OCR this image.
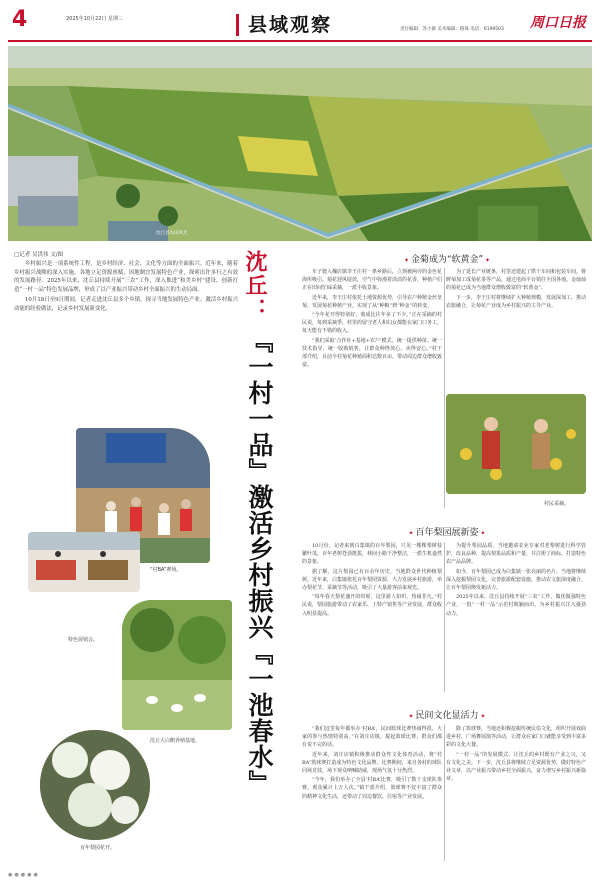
4	2025年10月22日 星期三	县域观察	责任编辑：苏小静 美术编辑：路珠 电话：6199503 周口日报
沈丘县农田风光
□记者 吴洪伟 文/图

乡村振兴是一项系统性工程，是乡村经济、社会、文化等方面的全面振兴。近年来，随着乡村振兴战略的深入实施，各地立足资源禀赋，因地制宜发展特色产业，探索出许多行之有效的发展路径。2025年以来，沈丘县持续开展“三农”工作，深入推进“和美乡村”建设，创新打造“一村一品”特色发展品牌，形成了以产业振兴带动乡村全面振兴的生动局面。

10月18日至9日期间，记者走进沈丘县多个乡镇，探寻当地发展特色产业、激活乡村振兴动能的经验做法，记录乡村发展新变化。	沈丘：
『一村一品』激活乡村振兴『一池春水』
“村BA”赛场。
特色展销会。
沈丘大白鹅养殖基地。
百年梨园花开。
✦ 金菊成为“软黄金” ✦

车子驶入槐店镇李王庄村一条乡路后，立刻被两旁的金色花海所吸引。菊花迎风绽放，空气中弥漫着淡淡的花香，种植户们正在田间忙碌采摘，一派丰收景象。

近年来，李王庄村依托土地资源优势，引导农户种植金丝皇菊，发展菊花种植产业，实现了从“种粮”到“种金”的转变。

“今年花开得特别好，收成比往年多了不少。”正在采摘的村民说，每到采摘季，村里的留守老人和妇女都能在家门口务工，每天能有不错的收入。

“我们采取‘合作社+基地+农户’模式，统一提供种苗、统一技术指导、统一收购销售，让群众种得放心、卖得安心。”村干部介绍，目前全村菊花种植面积达数百亩，带动周边群众增收致富。

为了延长产业链条，村里还建起了烘干车间和包装车间，将鲜菊加工成菊花茶等产品，通过电商平台销往全国各地。金灿灿的菊花已成为当地群众增收致富的“软黄金”。

下一步，李王庄村将继续扩大种植规模，发展深加工，推动农旅融合，让菊花产业成为乡村振兴的主导产业。

村民采摘。
✦ 百年梨园展新姿 ✦

10月份，记者来到白集镇的百年梨园，只见一棵棵梨树枝繁叶茂，百年老树苍劲挺拔，林间小路干净整洁，一派生机盎然的景象。

据了解，这片梨园已有百余年历史，当地群众世代种植梨树。近年来，白集镇依托百年梨园资源，大力发展乡村旅游，举办梨花节、采摘节等活动，吸引了大量游客前来观光。

“每年春天梨花盛开的时候，这里游人如织，热闹非凡。”村民说，梨园旅游带动了农家乐、土特产销售等产业发展，群众收入明显提高。

为提升梨园品质，当地邀请农业专家对老梨树进行科学管护，改良品种，提高梨果品质和产量，并注册了商标，打造特色农产品品牌。

如今，百年梨园已成为白集镇一张亮丽的名片。当地将继续深入挖掘梨园文化，完善旅游配套设施，推动农文旅深度融合，让百年梨园焕发新活力。

2025年以来，沈丘县持续开展“三农”工作，做优做强特色产业，一批“一村一品”示范村脱颖而出，为乡村振兴注入强劲动力。

✦ 民间文化显活力 ✦

“我们这里每年都举办‘村BA’，民间篮球比赛热闹得很，大家的参与热情特别高。”在刘庄店镇，提起篮球比赛，群众们都有说不完的话。

近年来，刘庄店镇积极推动群众性文化体育活动，将“村BA”篮球赛打造成为特色文化品牌。比赛期间，来自各村的球队同场竞技，场下观众呐喊助威，现场气氛十分热烈。

“今年，我们举办了全县‘村BA’比赛，吸引了数十支球队参赛，观众累计上万人次。”镇干部介绍，篮球赛不仅丰富了群众的精神文化生活，还带动了周边餐饮、住宿等产业发展。

除了篮球赛，当地还积极挖掘传统民俗文化，组织开展戏曲进乡村、广场舞展演等活动，让群众在家门口就能享受到丰富多彩的文化大餐。

“一村一品”的发展模式，让沈丘的乡村既有产业之兴，又有文化之美。下一步，沈丘县将继续立足资源优势，做好特色产业文章，以产业振兴带动乡村全面振兴，奋力谱写乡村振兴新篇章。

●●●●●
